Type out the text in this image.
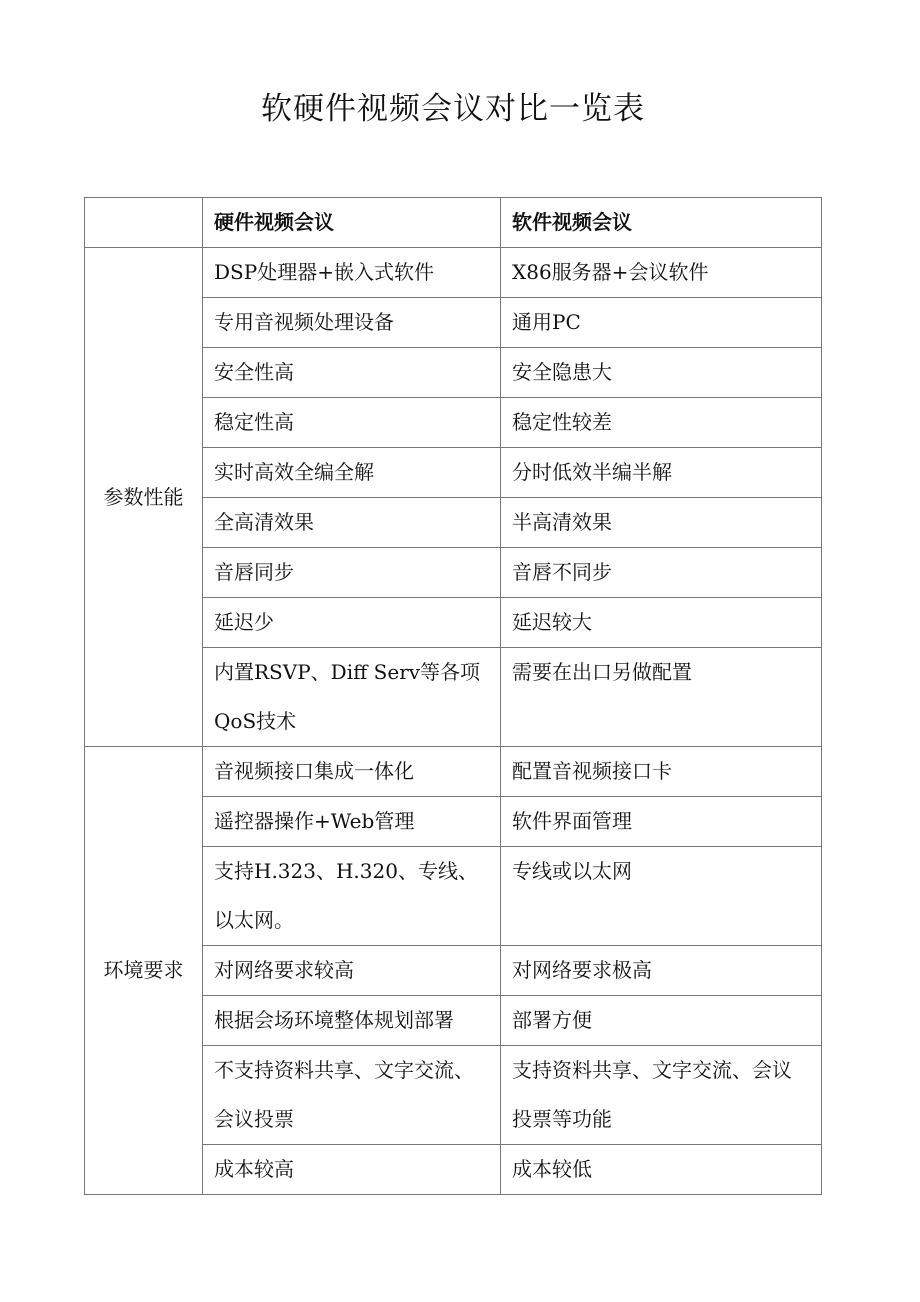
软硬件视频会议对比一览表
	硬件视频会议	软件视频会议
参数性能	DSP处理器+嵌入式软件	X86服务器+会议软件
	专用音视频处理设备	通用PC
	安全性高	安全隐患大
	稳定性高	稳定性较差
	实时高效全编全解	分时低效半编半解
	全高清效果	半高清效果
	音唇同步	音唇不同步
	延迟少	延迟较大
	内置RSVP、Diff Serv等各项QoS技术	需要在出口另做配置
环境要求	音视频接口集成一体化	配置音视频接口卡
	遥控器操作+Web管理	软件界面管理
	支持H.323、H.320、专线、以太网。	专线或以太网
	对网络要求较高	对网络要求极高
	根据会场环境整体规划部署	部署方便
	不支持资料共享、文字交流、会议投票	支持资料共享、文字交流、会议投票等功能
	成本较高	成本较低
